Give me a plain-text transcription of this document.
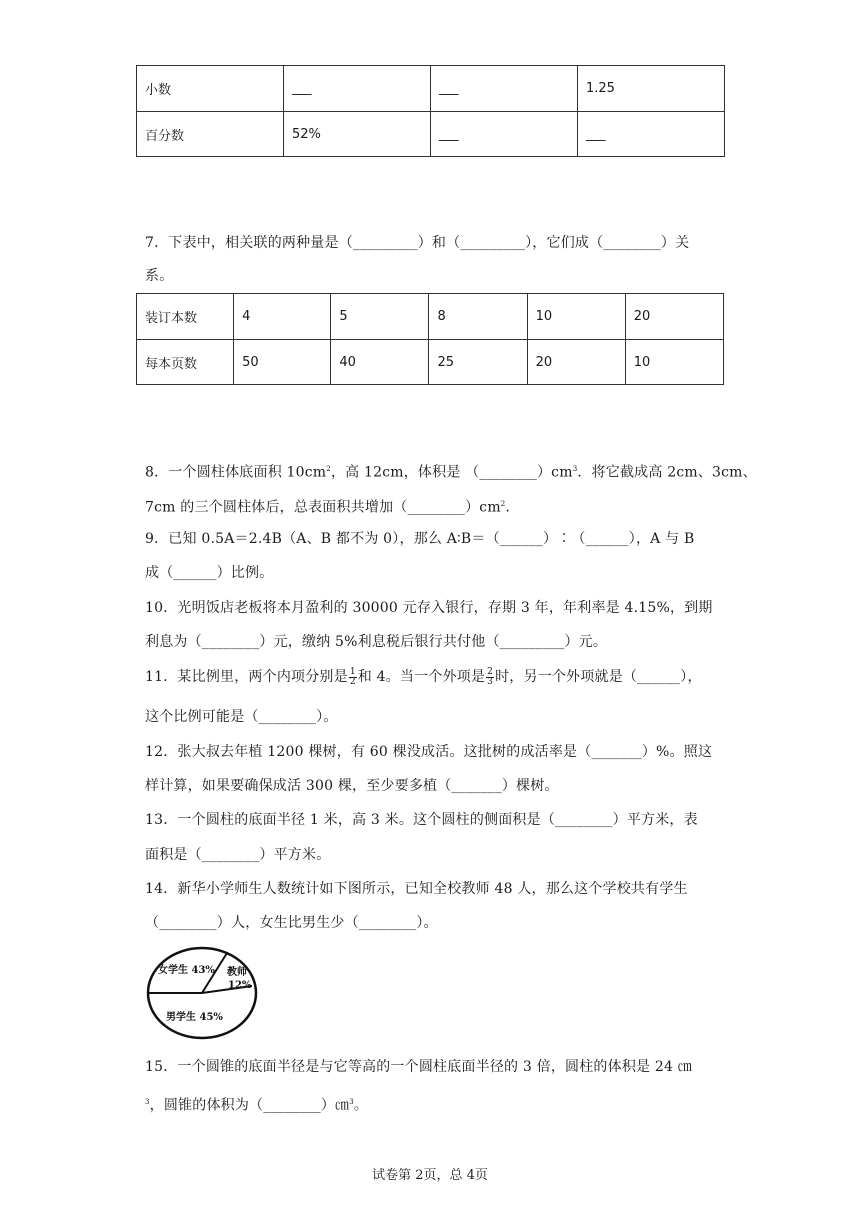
小数	___	___	1.25
百分数	52%	___	___
7．下表中，相关联的两种量是（_________）和（_________），它们成（________）关
系。
装订本数	4	5	8	10	20
每本页数	50	40	25	20	10
8．一个圆柱体底面积 $10cm^2$，高 12cm，体积是 $(\_\_\_\_\_\_\_\_)cm^3$．将它截成高 2cm、3cm、
7cm 的三个圆柱体后，总表面积共增加$(\_\_\_\_\_\_\_\_)cm^2$．
9．已知 0.5A＝2.4B（A、B 都不为 0），那么 A∶B＝（______）∶（______），A 与 B
成（______）比例。
10．光明饭店老板将本月盈利的 30000 元存入银行，存期 3 年，年利率是 4.15%，到期
利息为（________）元，缴纳 5%利息税后银行共付他（_________）元。
11．某比例里，两个内项分别是 $\frac{1}{2}$ 和 4。当一个外项是 $\frac{2}{3}$ 时，另一个外项就是（______），
这个比例可能是（________）。
12．张大叔去年植 1200 棵树，有 60 棵没成活。这批树的成活率是（_______）%。照这
样计算，如果要确保成活 300 棵，至少要多植（_______）棵树。
13．一个圆柱的底面半径 1 米，高 3 米。这个圆柱的侧面积是（________）平方米，表
面积是（________）平方米。
14．新华小学师生人数统计如下图所示，已知全校教师 48 人，那么这个学校共有学生
（________）人，女生比男生少（________）。
女学生 43% 教师
12%
男学生 45%
15．一个圆锥的底面半径是与它等高的一个圆柱底面半径的 3 倍，圆柱的体积是 24 ㎝
$^3$，圆锥的体积为（________）㎝$^3$。
试卷第 2页，总 4页
